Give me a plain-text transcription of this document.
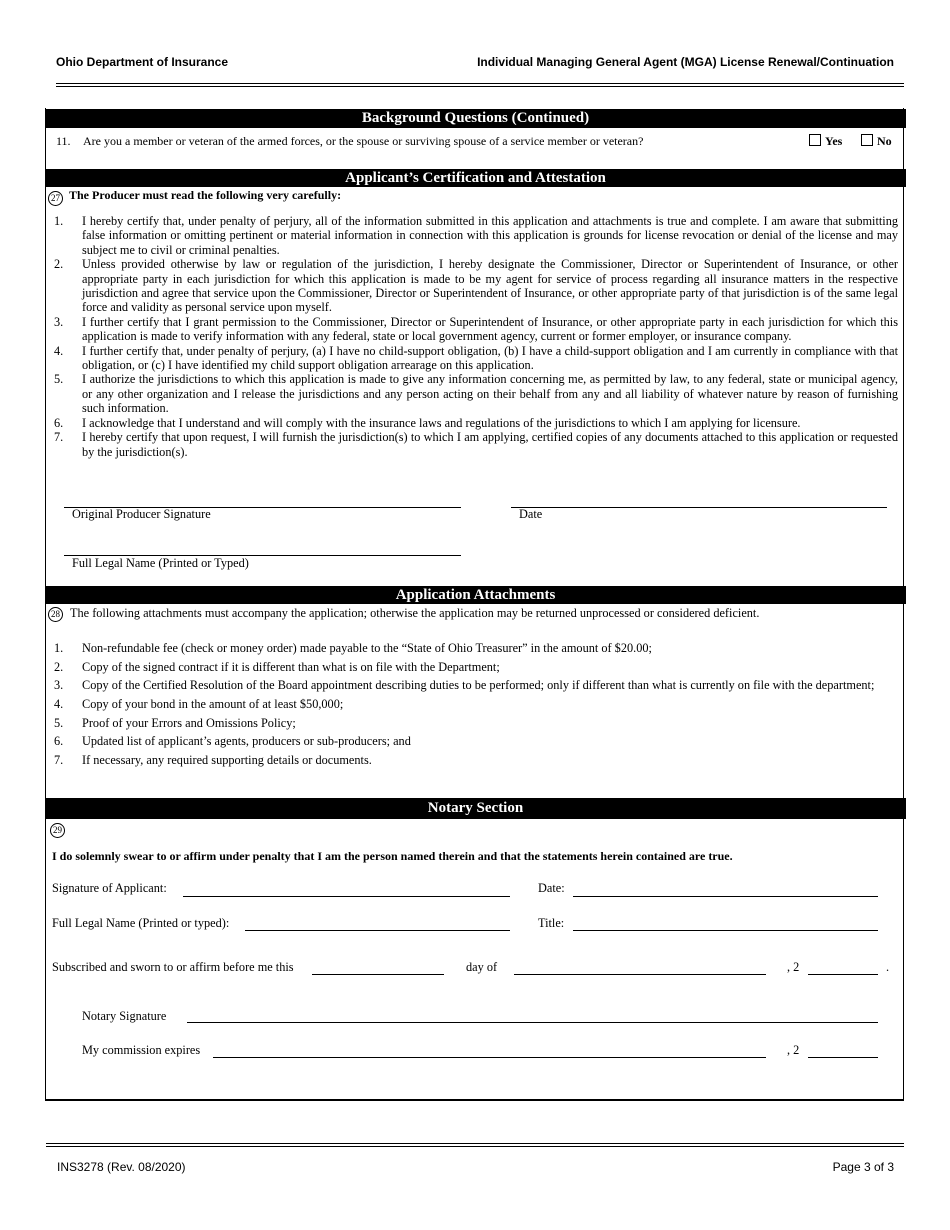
Ohio Department of Insurance	Individual Managing General Agent (MGA) License Renewal/Continuation
Background Questions (Continued)
11. Are you a member or veteran of the armed forces, or the spouse or surviving spouse of a service member or veteran?	Yes	No
Applicant’s Certification and Attestation
27 The Producer must read the following very carefully:
1. I hereby certify that, under penalty of perjury, all of the information submitted in this application and attachments is true and complete. I am aware that submitting false information or omitting pertinent or material information in connection with this application is grounds for license revocation or denial of the license and may subject me to civil or criminal penalties.
2. Unless provided otherwise by law or regulation of the jurisdiction, I hereby designate the Commissioner, Director or Superintendent of Insurance, or other appropriate party in each jurisdiction for which this application is made to be my agent for service of process regarding all insurance matters in the respective jurisdiction and agree that service upon the Commissioner, Director or Superintendent of Insurance, or other appropriate party of that jurisdiction is of the same legal force and validity as personal service upon myself.
3. I further certify that I grant permission to the Commissioner, Director or Superintendent of Insurance, or other appropriate party in each jurisdiction for which this application is made to verify information with any federal, state or local government agency, current or former employer, or insurance company.
4. I further certify that, under penalty of perjury, (a) I have no child-support obligation, (b) I have a child-support obligation and I am currently in compliance with that obligation, or (c) I have identified my child support obligation arrearage on this application.
5. I authorize the jurisdictions to which this application is made to give any information concerning me, as permitted by law, to any federal, state or municipal agency, or any other organization and I release the jurisdictions and any person acting on their behalf from any and all liability of whatever nature by reason of furnishing such information.
6. I acknowledge that I understand and will comply with the insurance laws and regulations of the jurisdictions to which I am applying for licensure.
7. I hereby certify that upon request, I will furnish the jurisdiction(s) to which I am applying, certified copies of any documents attached to this application or requested by the jurisdiction(s).
Original Producer Signature	Date
Full Legal Name (Printed or Typed)
Application Attachments
28 The following attachments must accompany the application; otherwise the application may be returned unprocessed or considered deficient.
1. Non-refundable fee (check or money order) made payable to the “State of Ohio Treasurer” in the amount of $20.00;
2. Copy of the signed contract if it is different than what is on file with the Department;
3. Copy of the Certified Resolution of the Board appointment describing duties to be performed; only if different than what is currently on file with the department;
4. Copy of your bond in the amount of at least $50,000;
5. Proof of your Errors and Omissions Policy;
6. Updated list of applicant’s agents, producers or sub-producers; and
7. If necessary, any required supporting details or documents.
Notary Section
29
I do solemnly swear to or affirm under penalty that I am the person named therein and that the statements herein contained are true.
Signature of Applicant:	Date:
Full Legal Name (Printed or typed):	Title:
Subscribed and sworn to or affirm before me this	day of	, 2	.
Notary Signature
My commission expires	, 2
INS3278 (Rev. 08/2020)	Page 3 of 3
